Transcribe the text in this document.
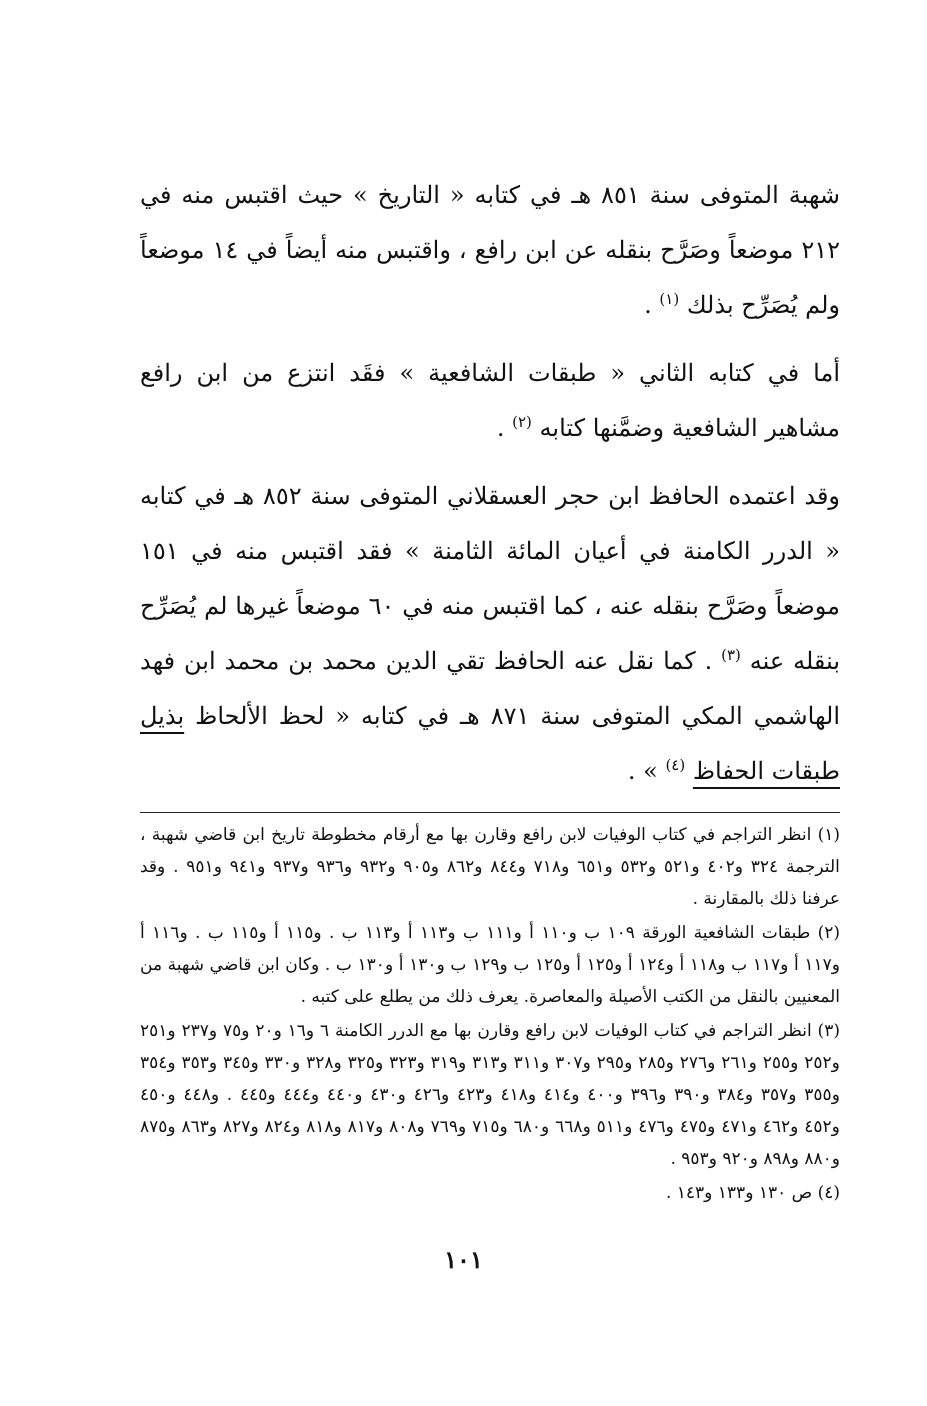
شهبة المتوفى سنة ٨٥١ هـ في كتابه « التاريخ » حيث اقتبس منه في ٢١٢ موضعاً وصَرَّح بنقله عن ابن رافع ، واقتبس منه أيضاً في ١٤ موضعاً ولم يُصَرِّح بذلك $^{(١)}$ .

أما في كتابه الثاني « طبقات الشافعية » فقَد انتزع من ابن رافع مشاهير الشافعية وضمَّنها كتابه $^{(٢)}$ .

وقد اعتمده الحافظ ابن حجر العسقلاني المتوفى سنة ٨٥٢ هـ في كتابه « الدرر الكامنة في أعيان المائة الثامنة » فقد اقتبس منه في ١٥١ موضعاً وصَرَّح بنقله عنه ، كما اقتبس منه في ٦٠ موضعاً غيرها لم يُصَرِّح بنقله عنه $^{(٣)}$ . كما نقل عنه الحافظ تقي الدين محمد بن محمد ابن فهد الهاشمي المكي المتوفى سنة ٨٧١ هـ في كتابه « لحظ الألحاظ بذيل طبقات الحفاظ $^{(٤)}$ » .

(١) انظر التراجم في كتاب الوفيات لابن رافع وقارن بها مع أرقام مخطوطة تاريخ ابن قاضي شهبة ، الترجمة ٣٢٤ و٤٠٢ و٥٢١ و٥٣٢ و٦٥١ و٧١٨ و٨٤٤ و٨٦٢ و٩٠٥ و٩٣٢ و٩٣٦ و٩٣٧ و٩٤١ و٩٥١ . وقد عرفنا ذلك بالمقارنة .

(٢) طبقات الشافعية الورقة ١٠٩ ب و١١٠ أ و١١١ ب و١١٣ أ و١١٣ ب . و١١٥ أ و١١٥ ب . و١١٦ أ و١١٧ أ و١١٧ ب و١١٨ أ و١٢٤ أ و١٢٥ أ و١٢٥ ب و١٢٩ ب و١٣٠ أ و١٣٠ ب . وكان ابن قاضي شهبة من المعنيين بالنقل من الكتب الأصيلة والمعاصرة. يعرف ذلك من يطلع على كتبه .

(٣) انظر التراجم في كتاب الوفيات لابن رافع وقارن بها مع الدرر الكامنة ٦ و١٦ و٢٠ و٧٥ و٢٣٧ و٢٥١ و٢٥٢ و٢٥٥ و٢٦١ و٢٧٦ و٢٨٥ و٢٩٥ و٣٠٧ و٣١١ و٣١٣ و٣١٩ و٣٢٣ و٣٢٥ و٣٢٨ و٣٣٠ و٣٤٥ و٣٥٣ و٣٥٤ و٣٥٥ و٣٥٧ و٣٨٤ و٣٩٠ و٣٩٦ و٤٠٠ و٤١٤ و٤١٨ و٤٢٣ و٤٢٦ و٤٣٠ و٤٤٠ و٤٤٤ و٤٤٥ . و٤٤٨ و٤٥٠ و٤٥٢ و٤٦٢ و٤٧١ و٤٧٥ و٤٧٦ و٥١١ و٦٦٨ و٦٨٠ و٧١٥ و٧٦٩ و٨٠٨ و٨١٧ و٨١٨ و٨٢٤ و٨٢٧ و٨٦٣ و٨٧٥ و٨٨٠ و٨٩٨ و٩٢٠ و٩٥٣ .

(٤) ص ١٣٠ و١٣٣ و١٤٣ .

١٠١
